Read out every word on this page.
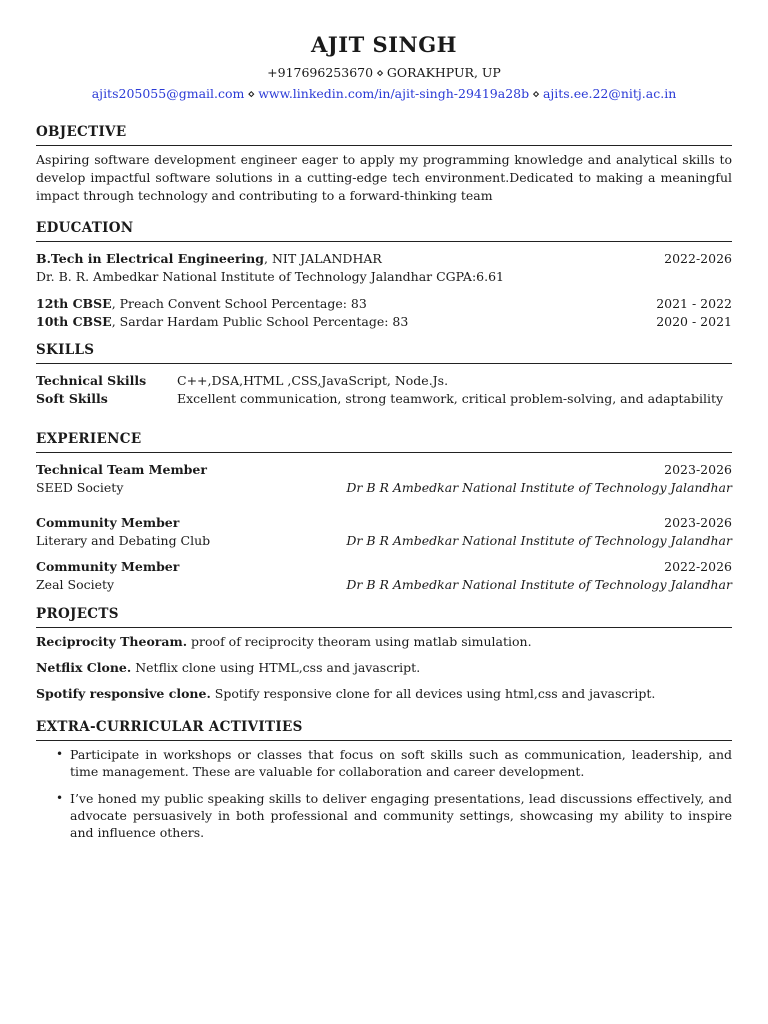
AJIT SINGH
+917696253670 ⋄ GORAKHPUR, UP
ajits205055@gmail.com ⋄ www.linkedin.com/in/ajit-singh-29419a28b ⋄ ajits.ee.22@nitj.ac.in
OBJECTIVE
Aspiring software development engineer eager to apply my programming knowledge and analytical skills to develop impactful software solutions in a cutting-edge tech environment.Dedicated to making a meaningful impact through technology and contributing to a forward-thinking team
EDUCATION
B.Tech in Electrical Engineering, NIT JALANDHAR	2022-2026
Dr. B. R. Ambedkar National Institute of Technology Jalandhar CGPA:6.61
12th CBSE, Preach Convent School Percentage: 83	2021 - 2022
10th CBSE, Sardar Hardam Public School Percentage: 83	2020 - 2021
SKILLS
Technical Skills	C++,DSA,HTML ,CSS,JavaScript, Node.Js.
Soft Skills	Excellent communication, strong teamwork, critical problem-solving, and adaptability
EXPERIENCE
Technical Team Member	2023-2026
SEED Society	Dr B R Ambedkar National Institute of Technology Jalandhar
Community Member	2023-2026
Literary and Debating Club	Dr B R Ambedkar National Institute of Technology Jalandhar
Community Member	2022-2026
Zeal Society	Dr B R Ambedkar National Institute of Technology Jalandhar
PROJECTS
Reciprocity Theoram. proof of reciprocity theoram using matlab simulation.
Netflix Clone. Netflix clone using HTML,css and javascript.
Spotify responsive clone. Spotify responsive clone for all devices using html,css and javascript.
EXTRA-CURRICULAR ACTIVITIES
• Participate in workshops or classes that focus on soft skills such as communication, leadership, and time management. These are valuable for collaboration and career development.
• I’ve honed my public speaking skills to deliver engaging presentations, lead discussions effectively, and advocate persuasively in both professional and community settings, showcasing my ability to inspire and influence others.
